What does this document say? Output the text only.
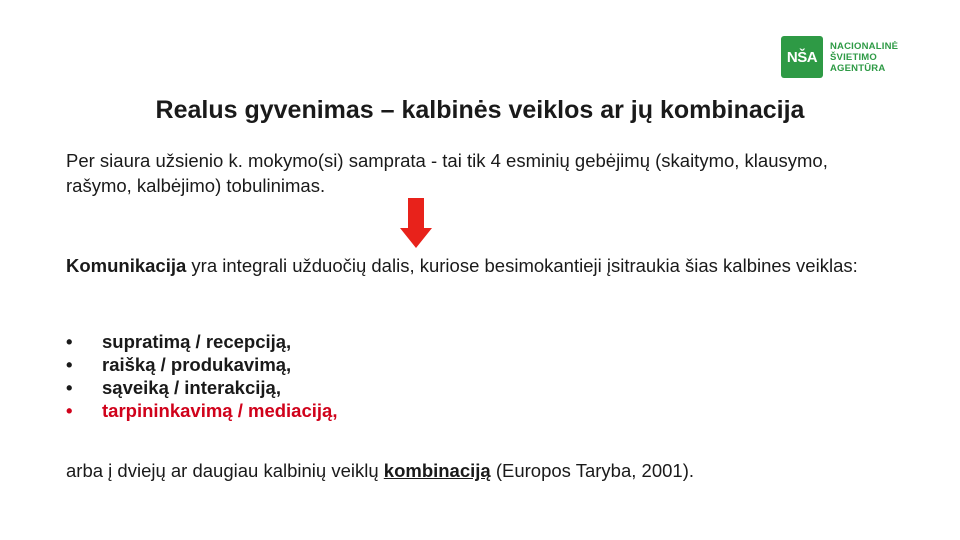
NŠA
NACIONALINĖ
ŠVIETIMO
AGENTŪRA
Realus gyvenimas – kalbinės veiklos ar jų kombinacija
Per siaura užsienio k. mokymo(si) samprata - tai tik 4 esminių gebėjimų (skaitymo, klausymo, rašymo, kalbėjimo) tobulinimas.
Komunikacija yra integrali užduočių dalis, kuriose besimokantieji įsitraukia šias kalbines veiklas:
•	supratimą / recepciją,
•	raišką / produkavimą,
•	sąveiką / interakciją,
•	tarpininkavimą / mediaciją,
arba į dviejų ar daugiau kalbinių veiklų kombinaciją (Europos Taryba, 2001).
